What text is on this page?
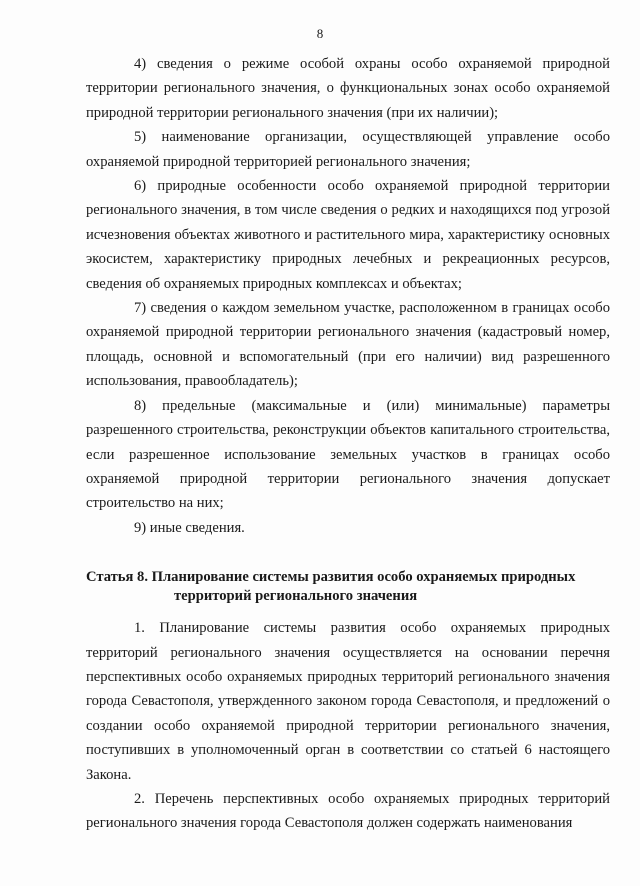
8

4) сведения о режиме особой охраны особо охраняемой природной территории регионального значения, о функциональных зонах особо охраняемой природной территории регионального значения (при их наличии);

5) наименование организации, осуществляющей управление особо охраняемой природной территорией регионального значения;

6) природные особенности особо охраняемой природной территории регионального значения, в том числе сведения о редких и находящихся под угрозой исчезновения объектах животного и растительного мира, характеристику основных экосистем, характеристику природных лечебных и рекреационных ресурсов, сведения об охраняемых природных комплексах и объектах;

7) сведения о каждом земельном участке, расположенном в границах особо охраняемой природной территории регионального значения (кадастровый номер, площадь, основной и вспомогательный (при его наличии) вид разрешенного использования, правообладатель);

8) предельные (максимальные и (или) минимальные) параметры разрешенного строительства, реконструкции объектов капитального строительства, если разрешенное использование земельных участков в границах особо охраняемой природной территории регионального значения допускает строительство на них;

9) иные сведения.

Статья 8. Планирование системы развития особо охраняемых природных территорий регионального значения

1. Планирование системы развития особо охраняемых природных территорий регионального значения осуществляется на основании перечня перспективных особо охраняемых природных территорий регионального значения города Севастополя, утвержденного законом города Севастополя, и предложений о создании особо охраняемой природной территории регионального значения, поступивших в уполномоченный орган в соответствии со статьей 6 настоящего Закона.

2. Перечень перспективных особо охраняемых природных территорий регионального значения города Севастополя должен содержать наименования
